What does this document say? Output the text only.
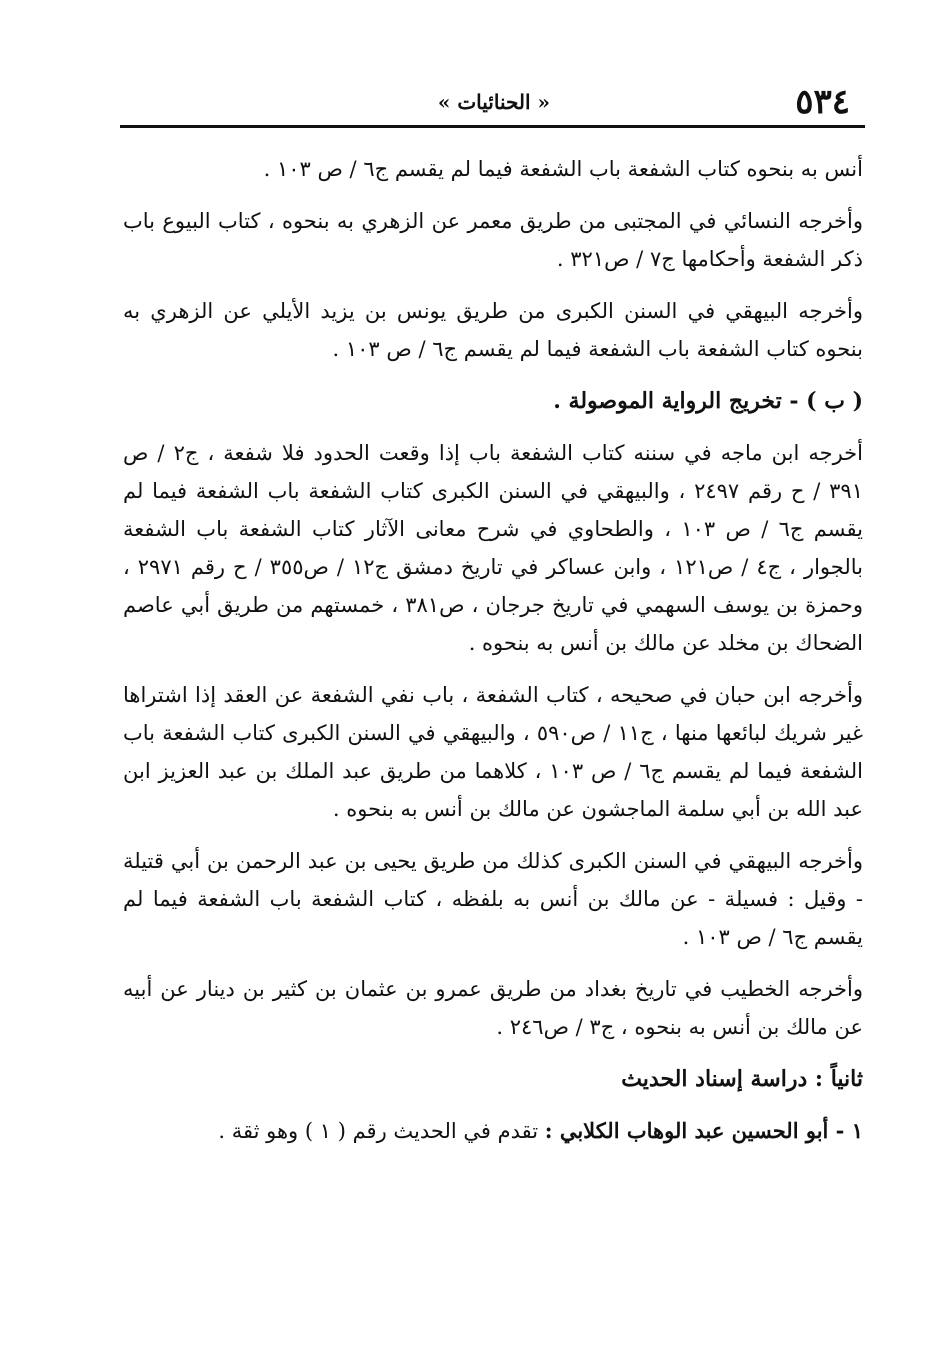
٥٣٤
« الحنائيات »

أنس به بنحوه كتاب الشفعة باب الشفعة فيما لم يقسم ج٦ / ص ١٠٣ .

وأخرجه النسائي في المجتبى من طريق معمر عن الزهري به بنحوه ، كتاب البيوع باب ذكر الشفعة وأحكامها ج٧ / ص٣٢١ .

وأخرجه البيهقي في السنن الكبرى من طريق يونس بن يزيد الأيلي عن الزهري به بنحوه كتاب الشفعة باب الشفعة فيما لم يقسم ج٦ / ص ١٠٣ .

( ب ) - تخريج الرواية الموصولة .

أخرجه ابن ماجه في سننه كتاب الشفعة باب إذا وقعت الحدود فلا شفعة ، ج٢ / ص ٣٩١ / ح رقم ٢٤٩٧ ، والبيهقي في السنن الكبرى كتاب الشفعة باب الشفعة فيما لم يقسم ج٦ / ص ١٠٣ ، والطحاوي في شرح معانى الآثار كتاب الشفعة باب الشفعة بالجوار ، ج٤ / ص١٢١ ، وابن عساكر في تاريخ دمشق ج١٢ / ص٣٥٥ / ح رقم ٢٩٧١ ، وحمزة بن يوسف السهمي في تاريخ جرجان ، ص٣٨١ ، خمستهم من طريق أبي عاصم الضحاك بن مخلد عن مالك بن أنس به بنحوه .

وأخرجه ابن حبان في صحيحه ، كتاب الشفعة ، باب نفي الشفعة عن العقد إذا اشتراها غير شريك لبائعها منها ، ج١١ / ص٥٩٠ ، والبيهقي في السنن الكبرى كتاب الشفعة باب الشفعة فيما لم يقسم ج٦ / ص ١٠٣ ، كلاهما من طريق عبد الملك بن عبد العزيز ابن عبد الله بن أبي سلمة الماجشون عن مالك بن أنس به بنحوه .

وأخرجه البيهقي في السنن الكبرى كذلك من طريق يحيى بن عبد الرحمن بن أبي قتيلة - وقيل : فسيلة - عن مالك بن أنس به بلفظه ، كتاب الشفعة باب الشفعة فيما لم يقسم ج٦ / ص ١٠٣ .

وأخرجه الخطيب في تاريخ بغداد من طريق عمرو بن عثمان بن كثير بن دينار عن أبيه عن مالك بن أنس به بنحوه ، ج٣ / ص٢٤٦ .

ثانياً : دراسة إسناد الحديث

١ - أبو الحسين عبد الوهاب الكلابي : تقدم في الحديث رقم ( ١ ) وهو ثقة .
